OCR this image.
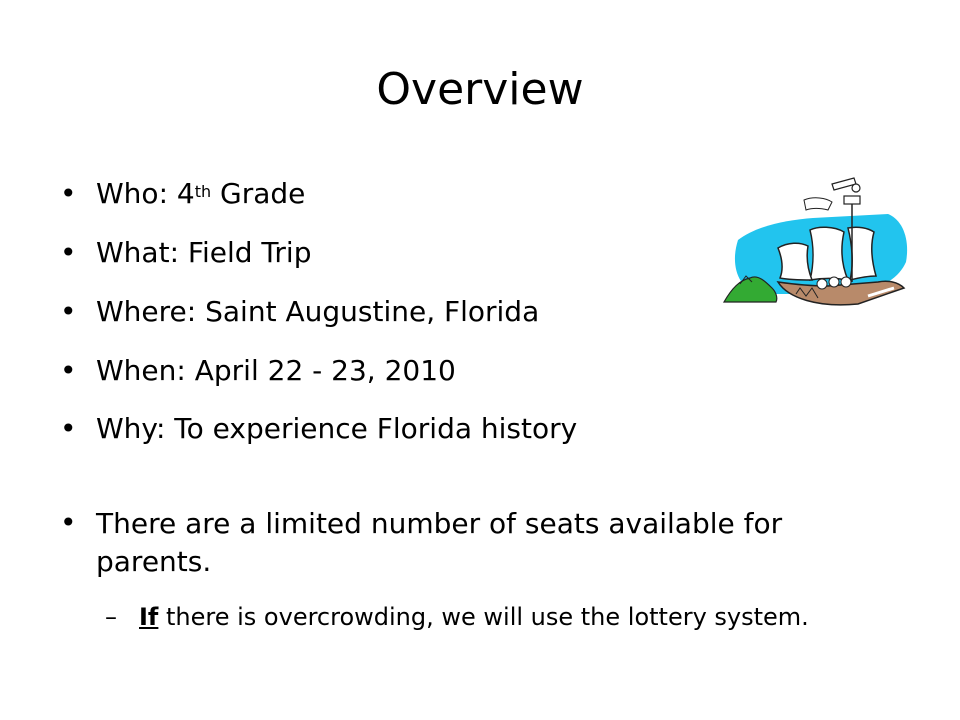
Overview
• Who: 4th Grade
• What: Field Trip
• Where: Saint Augustine, Florida
• When: April 22 - 23, 2010
• Why: To experience Florida history
• There are a limited number of seats available for parents.
– If there is overcrowding, we will use the lottery system.
